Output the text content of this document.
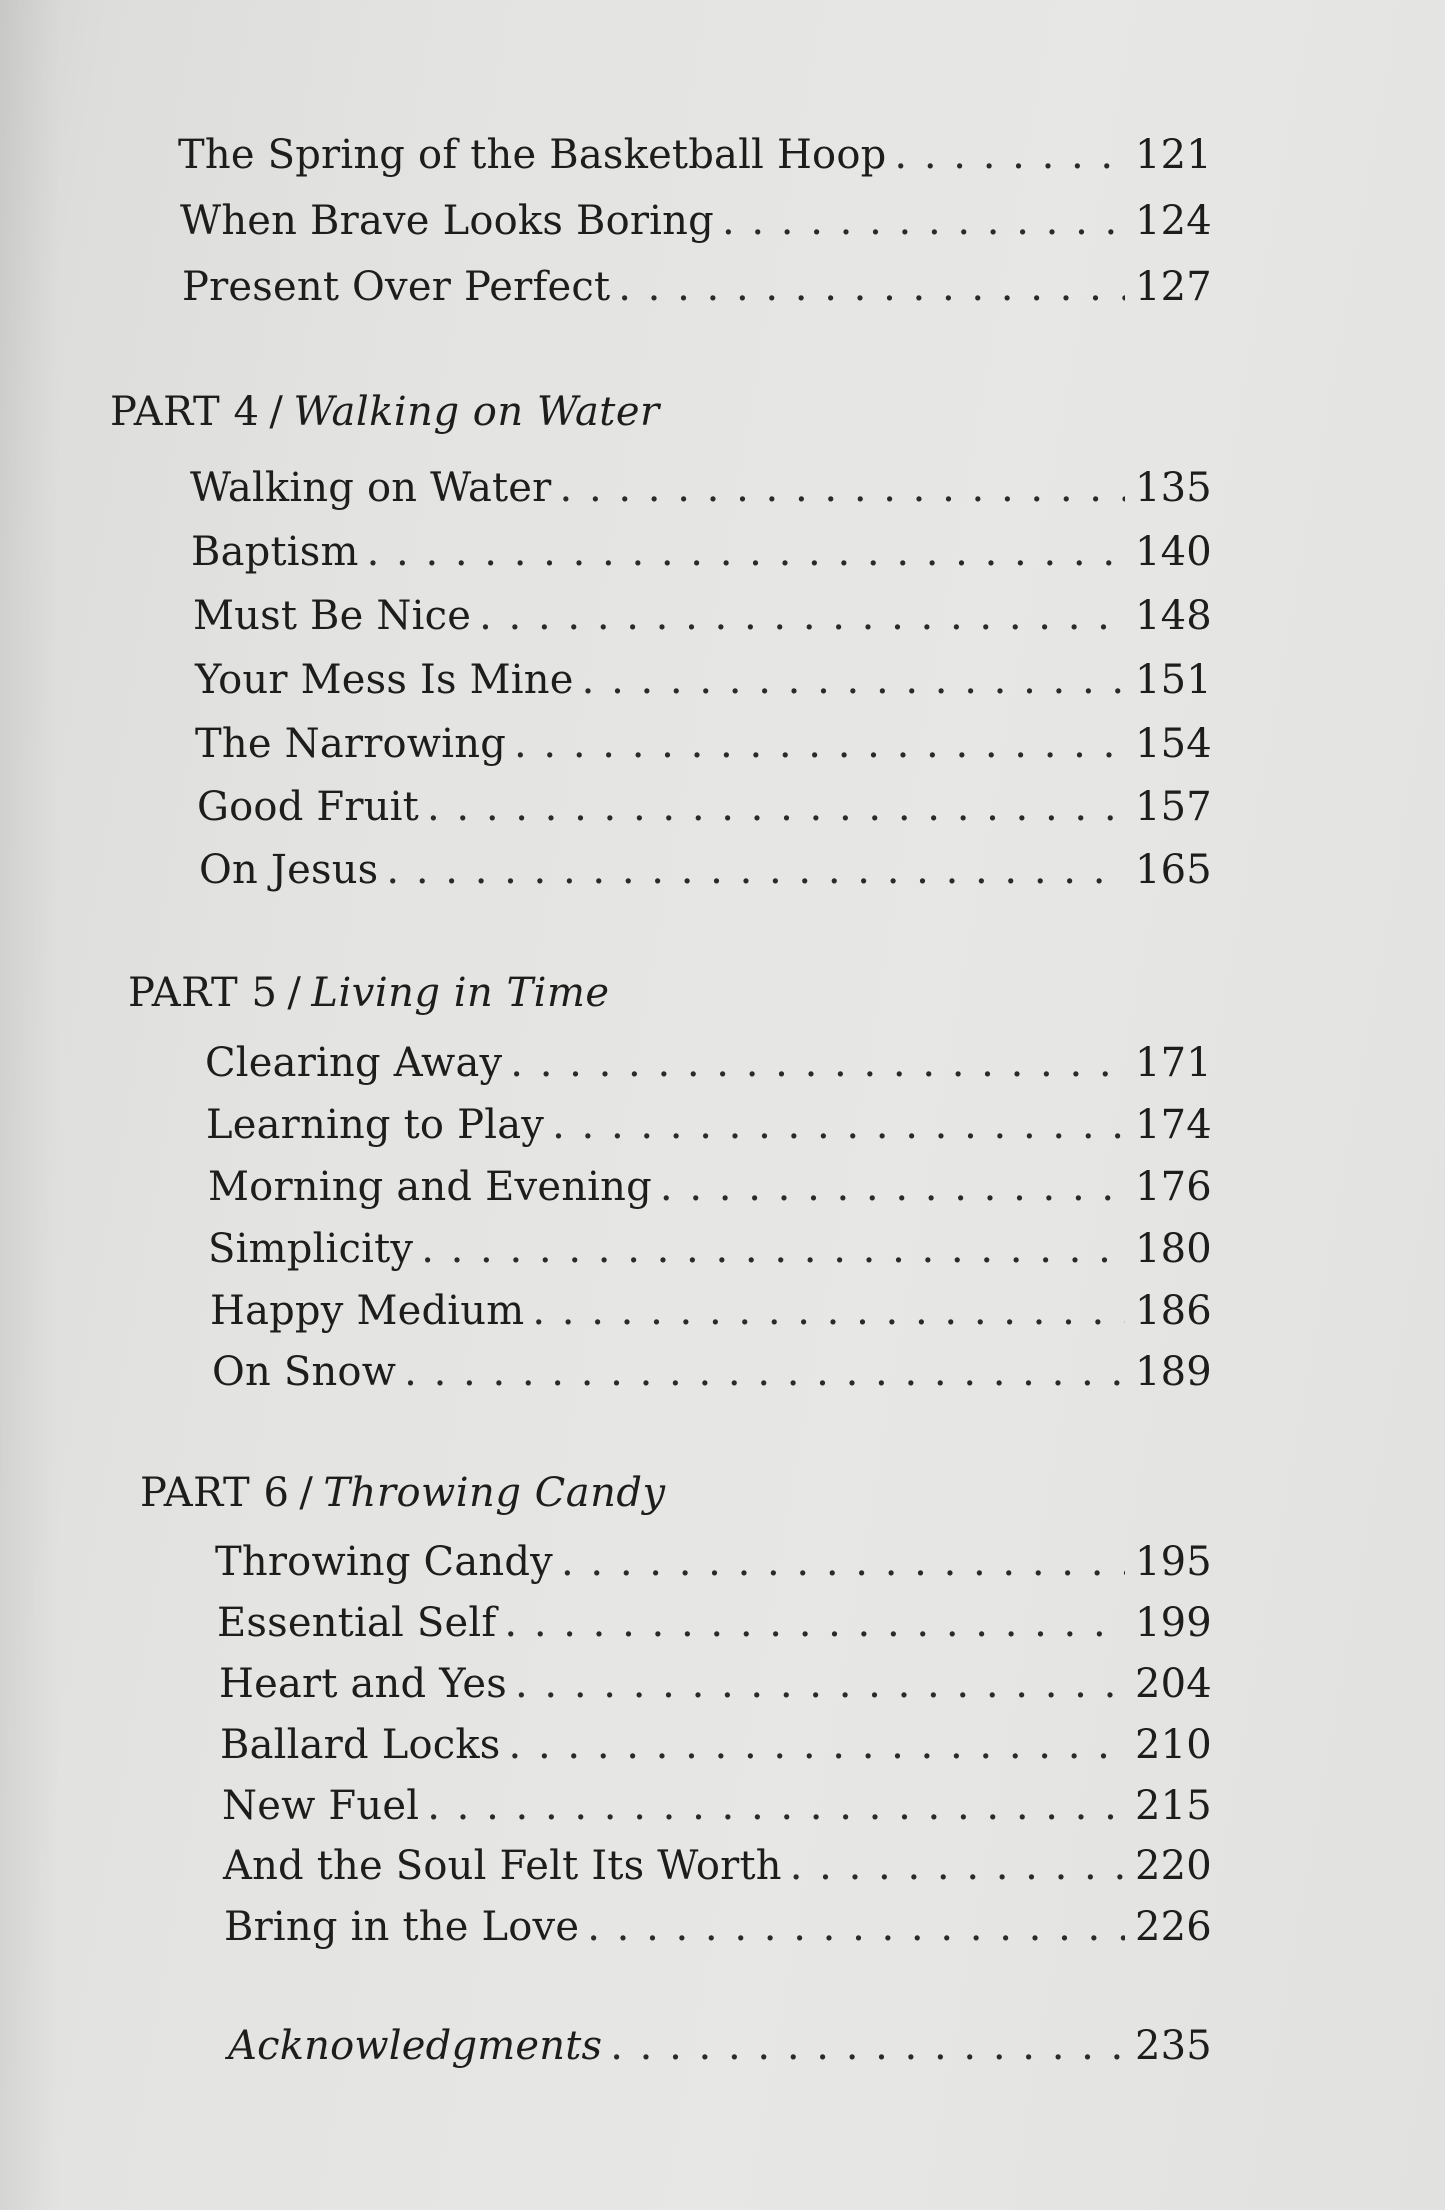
The Spring of the Basketball Hoop . . .	121
When Brave Looks Boring . . .	124
Present Over Perfect . . .	127
PART 4 / Walking on Water
Walking on Water . . .	135
Baptism . . .	140
Must Be Nice . . .	148
Your Mess Is Mine . . .	151
The Narrowing . . .	154
Good Fruit . . .	157
On Jesus . . .	165
PART 5 / Living in Time
Clearing Away . . .	171
Learning to Play . . .	174
Morning and Evening . . .	176
Simplicity . . .	180
Happy Medium . . .	186
On Snow . . .	189
PART 6 / Throwing Candy
Throwing Candy . . .	195
Essential Self . . .	199
Heart and Yes . . .	204
Ballard Locks . . .	210
New Fuel . . .	215
And the Soul Felt Its Worth . . .	220
Bring in the Love . . .	226
Acknowledgments . . .	235
